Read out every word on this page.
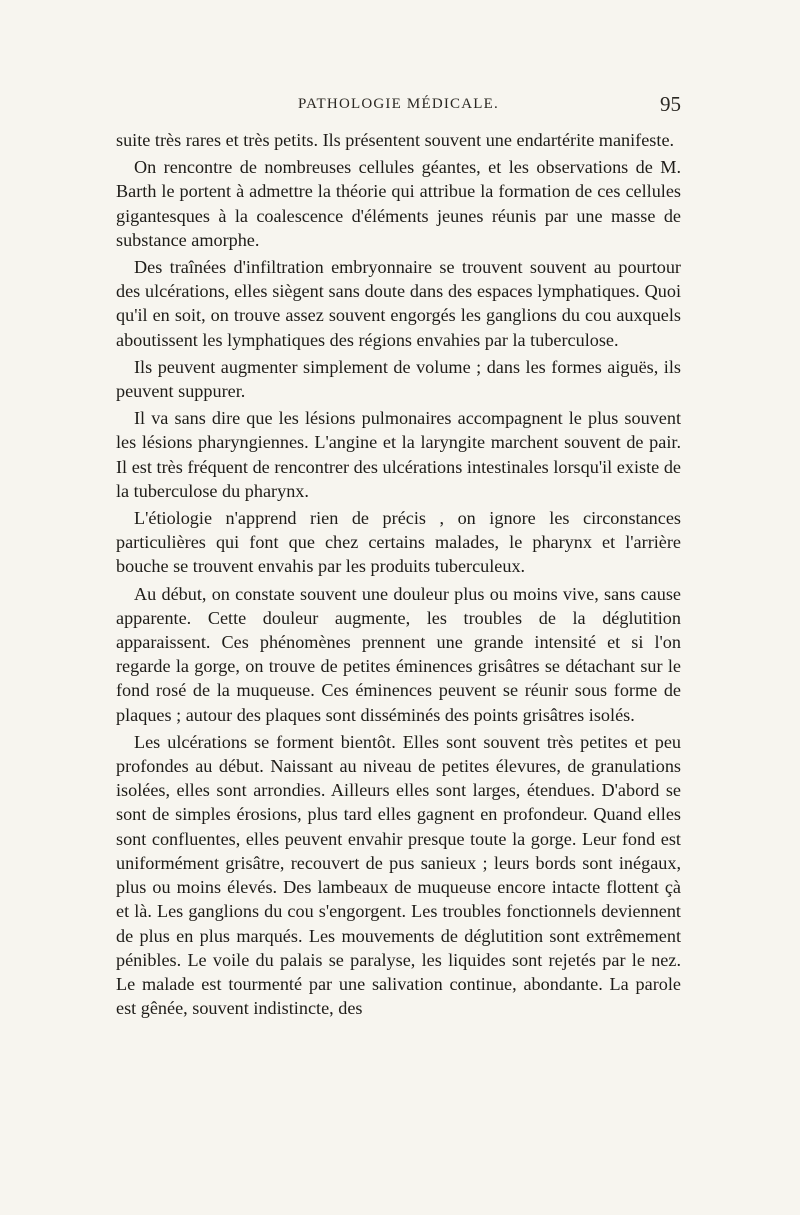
PATHOLOGIE MÉDICALE.	95

suite très rares et très petits. Ils présentent souvent une endartérite manifeste.

On rencontre de nombreuses cellules géantes, et les observations de M. Barth le portent à admettre la théorie qui attribue la formation de ces cellules gigantesques à la coalescence d'éléments jeunes réunis par une masse de substance amorphe.

Des traînées d'infiltration embryonnaire se trouvent souvent au pourtour des ulcérations, elles siègent sans doute dans des espaces lymphatiques. Quoi qu'il en soit, on trouve assez souvent engorgés les ganglions du cou auxquels aboutissent les lymphatiques des régions envahies par la tuberculose.

Ils peuvent augmenter simplement de volume ; dans les formes aiguës, ils peuvent suppurer.

Il va sans dire que les lésions pulmonaires accompagnent le plus souvent les lésions pharyngiennes. L'angine et la laryngite marchent souvent de pair. Il est très fréquent de rencontrer des ulcérations intestinales lorsqu'il existe de la tuberculose du pharynx.

L'étiologie n'apprend rien de précis , on ignore les circonstances particulières qui font que chez certains malades, le pharynx et l'arrière bouche se trouvent envahis par les produits tuberculeux.

Au début, on constate souvent une douleur plus ou moins vive, sans cause apparente. Cette douleur augmente, les troubles de la déglutition apparaissent. Ces phénomènes prennent une grande intensité et si l'on regarde la gorge, on trouve de petites éminences grisâtres se détachant sur le fond rosé de la muqueuse. Ces éminences peuvent se réunir sous forme de plaques ; autour des plaques sont disséminés des points grisâtres isolés.

Les ulcérations se forment bientôt. Elles sont souvent très petites et peu profondes au début. Naissant au niveau de petites élevures, de granulations isolées, elles sont arrondies. Ailleurs elles sont larges, étendues. D'abord se sont de simples érosions, plus tard elles gagnent en profondeur. Quand elles sont confluentes, elles peuvent envahir presque toute la gorge. Leur fond est uniformément grisâtre, recouvert de pus sanieux ; leurs bords sont inégaux, plus ou moins élevés. Des lambeaux de muqueuse encore intacte flottent çà et là. Les ganglions du cou s'engorgent. Les troubles fonctionnels deviennent de plus en plus marqués. Les mouvements de déglutition sont extrêmement pénibles. Le voile du palais se paralyse, les liquides sont rejetés par le nez. Le malade est tourmenté par une salivation continue, abondante. La parole est gênée, souvent indistincte, des
